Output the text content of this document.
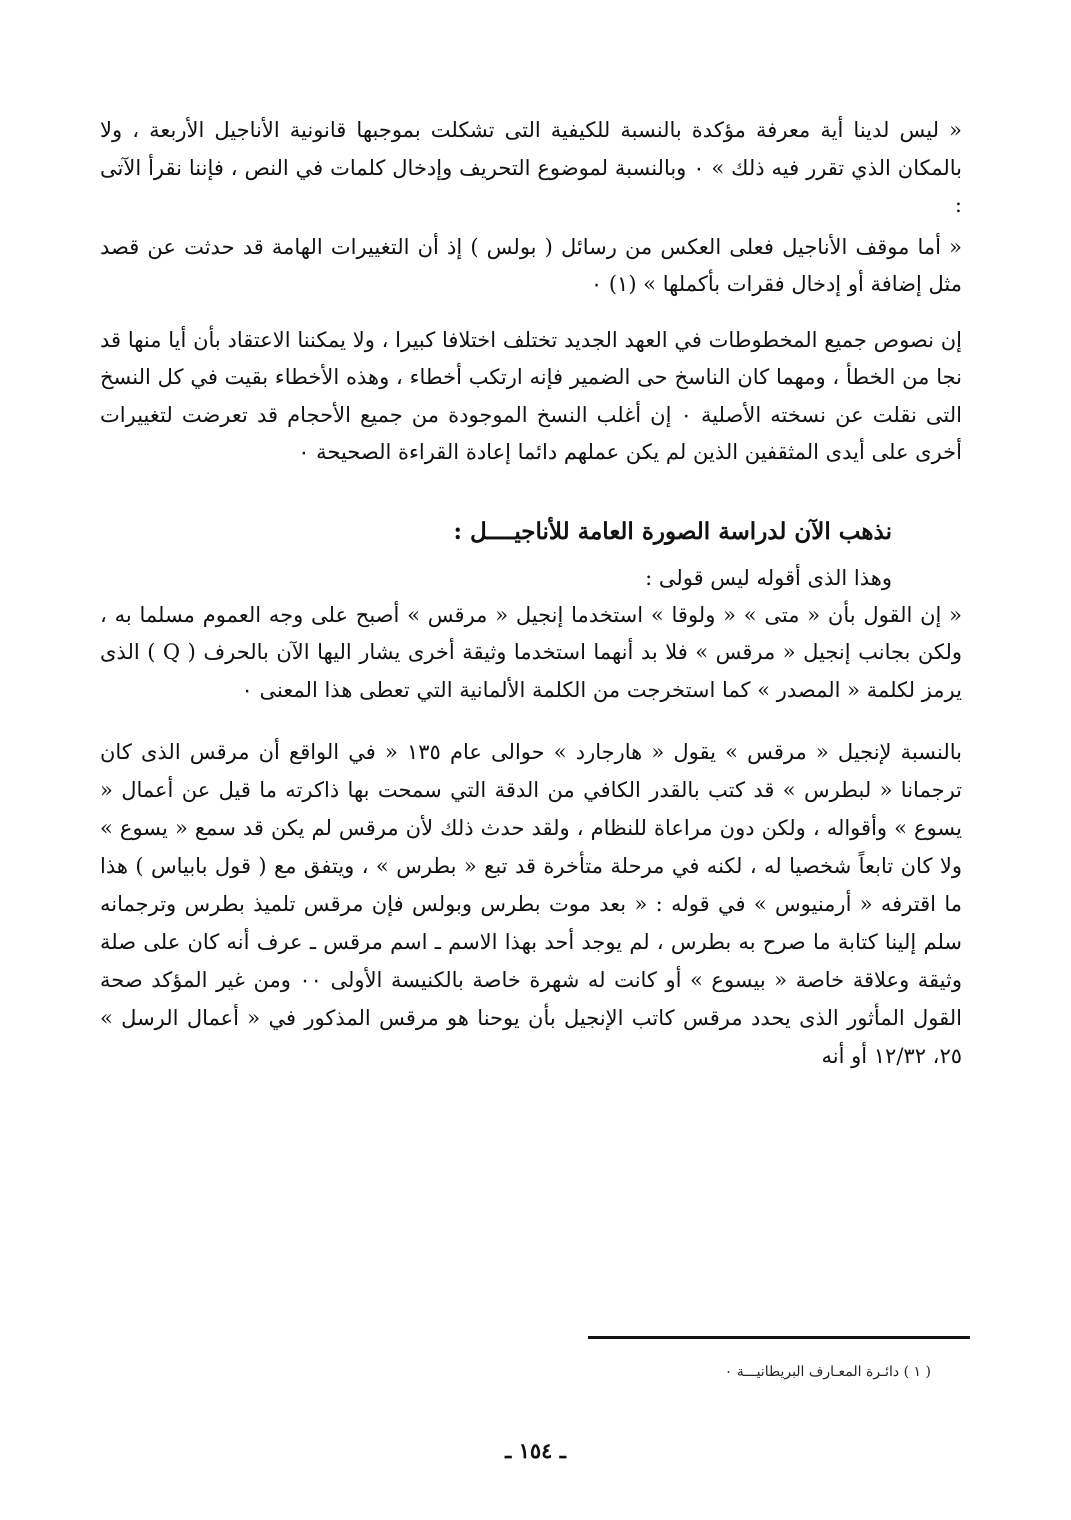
« ليس لدينا أية معرفة مؤكدة بالنسبة للكيفية التى تشكلت بموجبها قانونية الأناجيل الأربعة ، ولا بالمكان الذي تقرر فيه ذلك » ٠ وبالنسبة لموضوع التحريف وإدخال كلمات في النص ، فإننا نقرأ الآتى :

« أما موقف الأناجيل فعلى العكس من رسائل ( بولس ) إذ أن التغييرات الهامة قد حدثت عن قصد مثل إضافة أو إدخال فقرات بأكملها » (١) ٠

إن نصوص جميع المخطوطات في العهد الجديد تختلف اختلافا كبيرا ، ولا يمكننا الاعتقاد بأن أيا منها قد نجا من الخطأ ، ومهما كان الناسخ حى الضمير فإنه ارتكب أخطاء ، وهذه الأخطاء بقيت في كل النسخ التى نقلت عن نسخته الأصلية ٠ إن أغلب النسخ الموجودة من جميع الأحجام قد تعرضت لتغييرات أخرى على أيدى المثقفين الذين لم يكن عملهم دائما إعادة القراءة الصحيحة ٠

نذهب الآن لدراسة الصورة العامة للأناجيــــل :

وهذا الذى أقوله ليس قولى :

« إن القول بأن « متى » « ولوقا » استخدما إنجيل « مرقس » أصبح على وجه العموم مسلما به ، ولكن بجانب إنجيل « مرقس » فلا بد أنهما استخدما وثيقة أخرى يشار اليها الآن بالحرف ( Q ) الذى يرمز لكلمة « المصدر » كما استخرجت من الكلمة الألمانية التي تعطى هذا المعنى ٠

بالنسبة لإنجيل « مرقس » يقول « هارجارد » حوالى عام ١٣٥ « في الواقع أن مرقس الذى كان ترجمانا « لبطرس » قد كتب بالقدر الكافي من الدقة التي سمحت بها ذاكرته ما قيل عن أعمال « يسوع » وأقواله ، ولكن دون مراعاة للنظام ، ولقد حدث ذلك لأن مرقس لم يكن قد سمع « يسوع » ولا كان تابعاً شخصيا له ، لكنه في مرحلة متأخرة قد تبع « بطرس » ، ويتفق مع ( قول بابياس ) هذا ما اقترفه « أرمنيوس » في قوله : « بعد موت بطرس وبولس فإن مرقس تلميذ بطرس وترجمانه سلم إلينا كتابة ما صرح به بطرس ، لم يوجد أحد بهذا الاسم ـ اسم مرقس ـ عرف أنه كان على صلة وثيقة وعلاقة خاصة « بيسوع » أو كانت له شهرة خاصة بالكنيسة الأولى ٠٠ ومن غير المؤكد صحة القول المأثور الذى يحدد مرقس كاتب الإنجيل بأن يوحنا هو مرقس المذكور في « أعمال الرسل » ٢٥، ١٢/٣٢ أو أنه

( ١ ) دائـرة المعـارف البريطانيـــة ٠
ـ ١٥٤ ـ
